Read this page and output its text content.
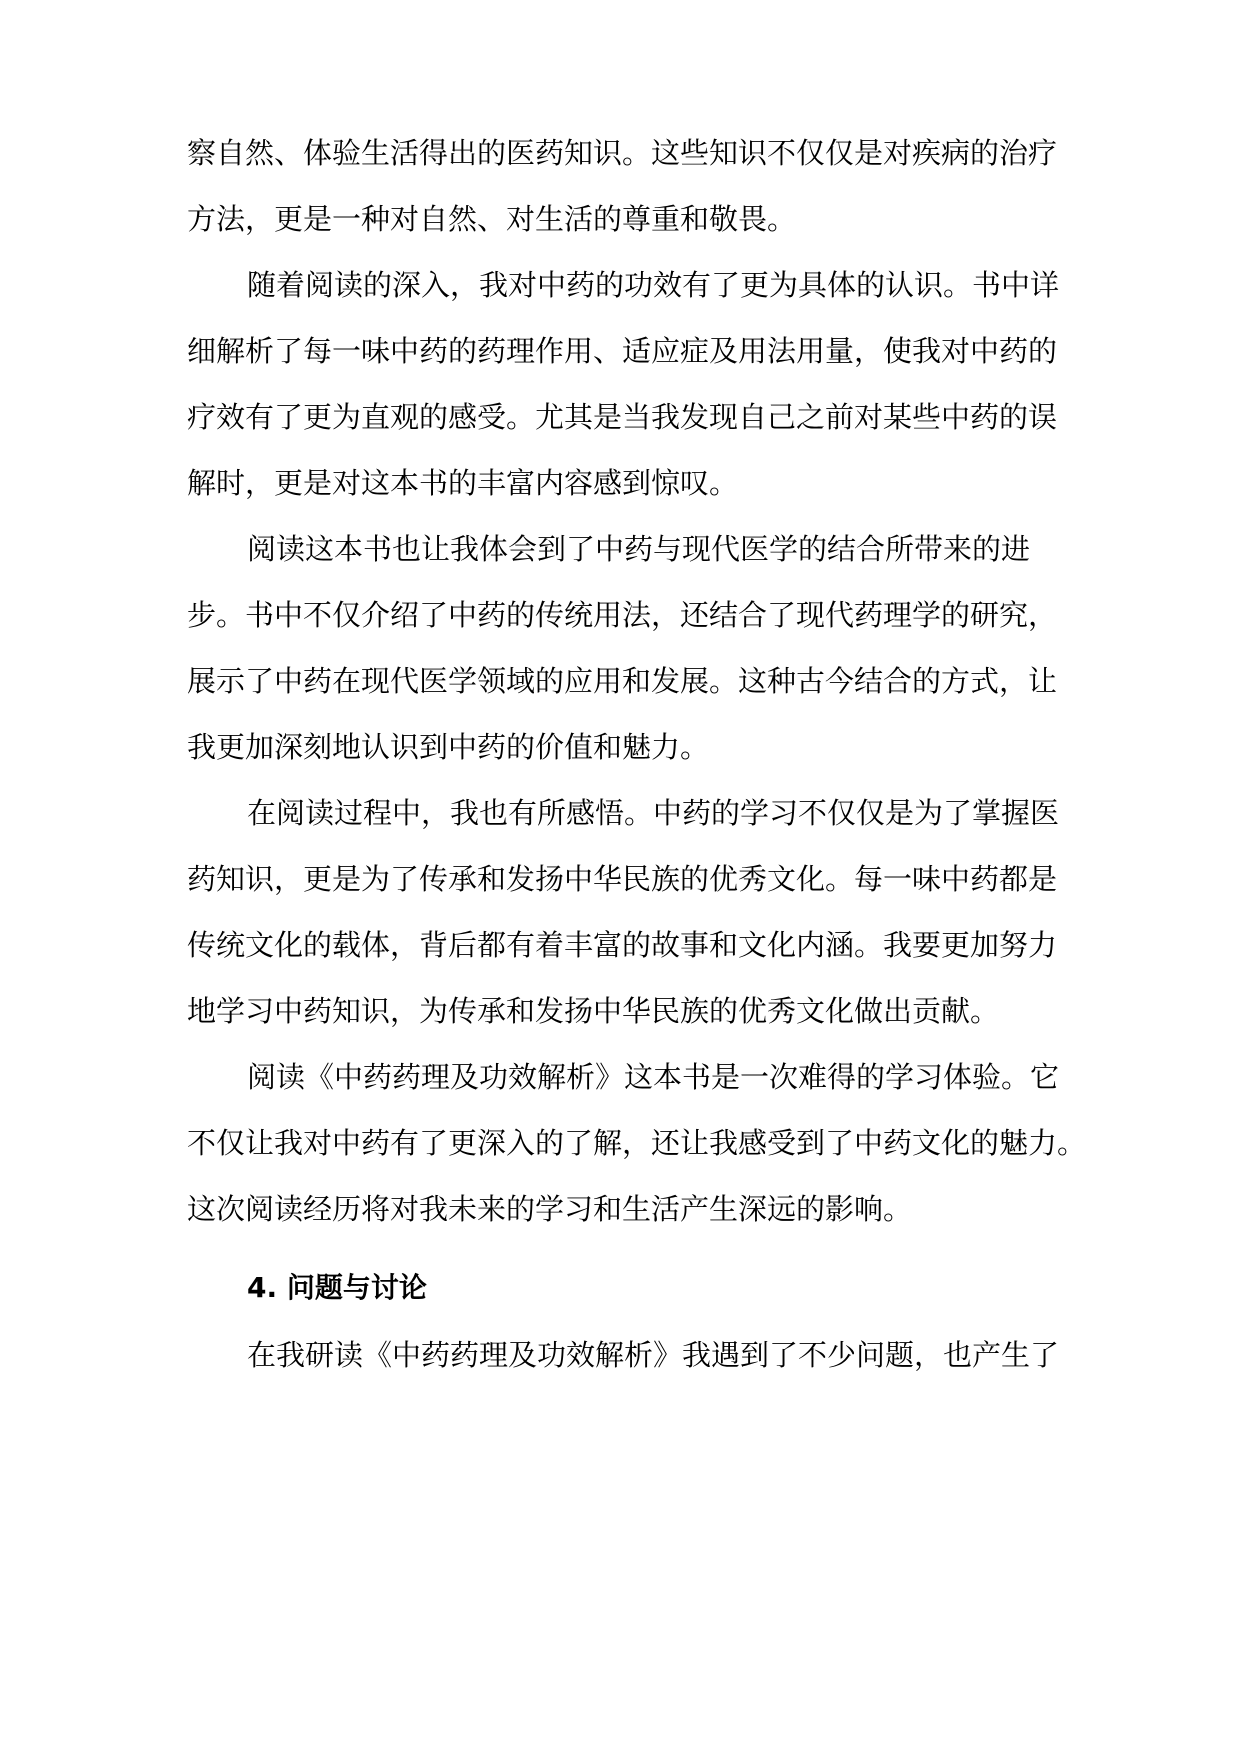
察自然、体验生活得出的医药知识。这些知识不仅仅是对疾病的治疗
方法，更是一种对自然、对生活的尊重和敬畏。
随着阅读的深入，我对中药的功效有了更为具体的认识。书中详
细解析了每一味中药的药理作用、适应症及用法用量，使我对中药的
疗效有了更为直观的感受。尤其是当我发现自己之前对某些中药的误
解时，更是对这本书的丰富内容感到惊叹。
阅读这本书也让我体会到了中药与现代医学的结合所带来的进
步。书中不仅介绍了中药的传统用法，还结合了现代药理学的研究，
展示了中药在现代医学领域的应用和发展。这种古今结合的方式，让
我更加深刻地认识到中药的价值和魅力。
在阅读过程中，我也有所感悟。中药的学习不仅仅是为了掌握医
药知识，更是为了传承和发扬中华民族的优秀文化。每一味中药都是
传统文化的载体，背后都有着丰富的故事和文化内涵。我要更加努力
地学习中药知识，为传承和发扬中华民族的优秀文化做出贡献。
阅读《中药药理及功效解析》这本书是一次难得的学习体验。它
不仅让我对中药有了更深入的了解，还让我感受到了中药文化的魅力。
这次阅读经历将对我未来的学习和生活产生深远的影响。
4. 问题与讨论
在我研读《中药药理及功效解析》我遇到了不少问题，也产生了
